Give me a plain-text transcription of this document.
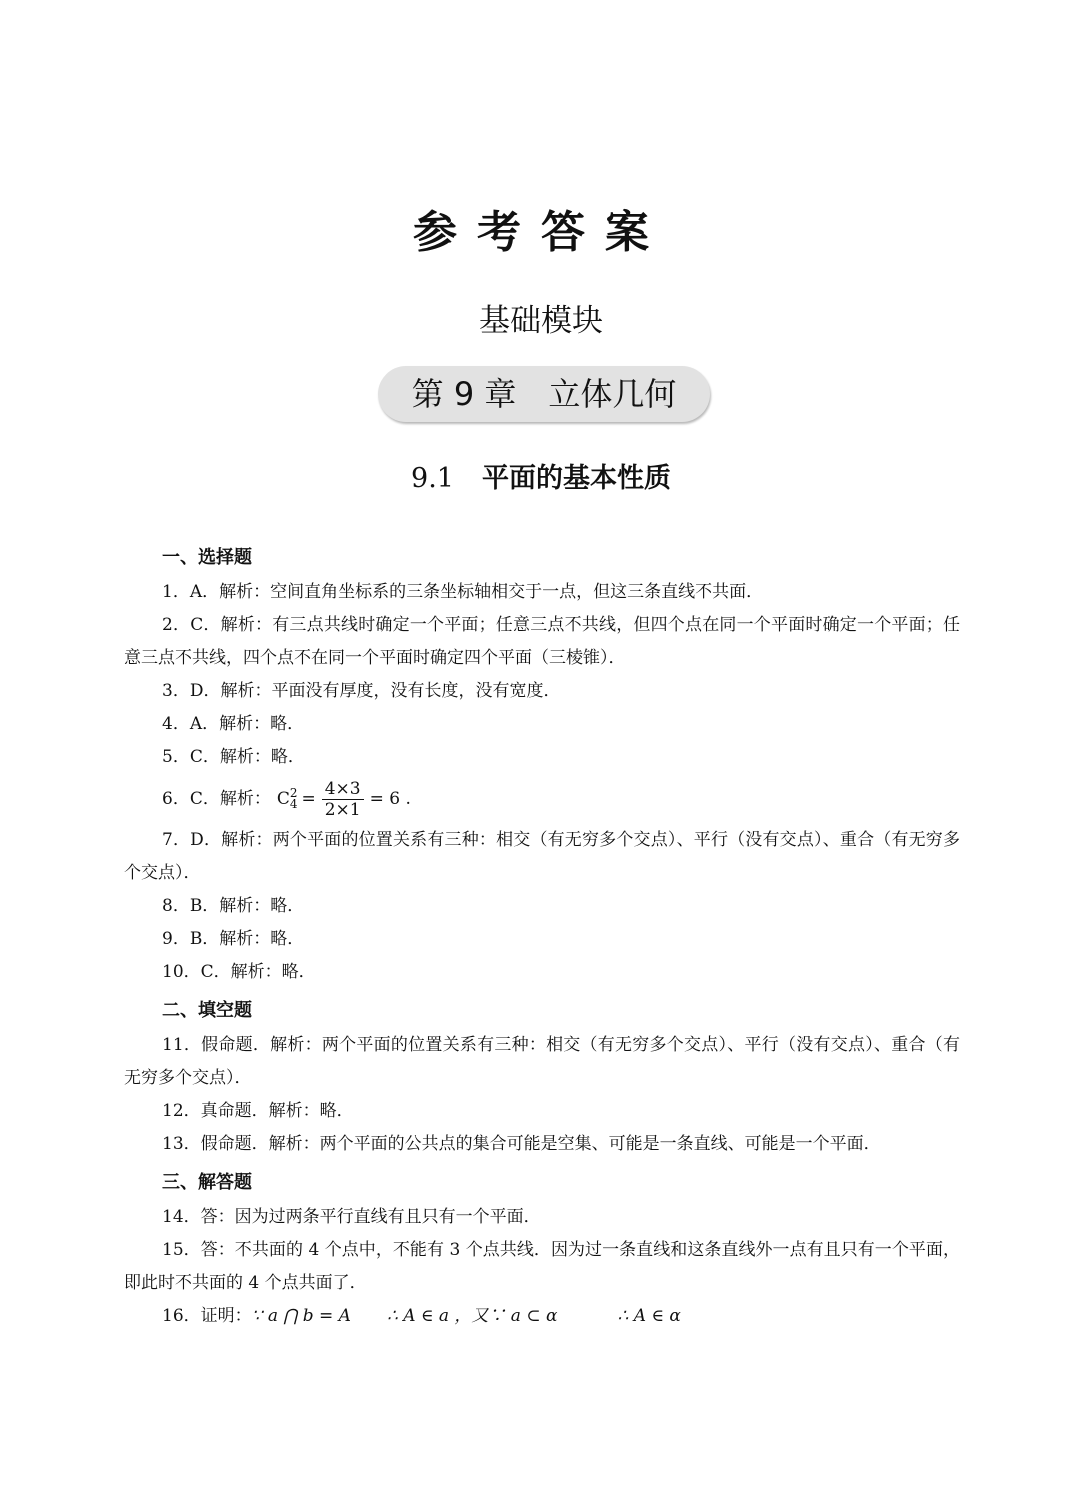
参考答案
基础模块
第 9 章　立体几何
9.1 平面的基本性质
一、选择题
1．A．解析：空间直角坐标系的三条坐标轴相交于一点，但这三条直线不共面．
2．C．解析：有三点共线时确定一个平面；任意三点不共线，但四个点在同一个平面时确定一个平面；任意三点不共线，四个点不在同一个平面时确定四个平面（三棱锥）．
3．D．解析：平面没有厚度，没有长度，没有宽度．
4．A．解析：略．
5．C．解析：略．
6．C．解析： C 2
$4 = \frac{4\times 3}{2\times 1} = 6$ .
7．D．解析：两个平面的位置关系有三种：相交（有无穷多个交点）、平行（没有交点）、重合（有无穷多个交点）．
8．B．解析：略．
9．B．解析：略．
10．C．解析：略．
二、填空题
11．假命题．解析：两个平面的位置关系有三种：相交（有无穷多个交点）、平行（没有交点）、重合（有无穷多个交点）．
12．真命题．解析：略．
13．假命题．解析：两个平面的公共点的集合可能是空集、可能是一条直线、可能是一个平面．
三、解答题
14．答：因为过两条平行直线有且只有一个平面．
15．答：不共面的 4 个点中，不能有 3 个点共线．因为过一条直线和这条直线外一点有且只有一个平面，即此时不共面的 4 个点共面了．
16．证明：∵ a ⋂ b = A ∴ A ∈ a ，又∵ a ⊂ α	∴ A ∈ α
